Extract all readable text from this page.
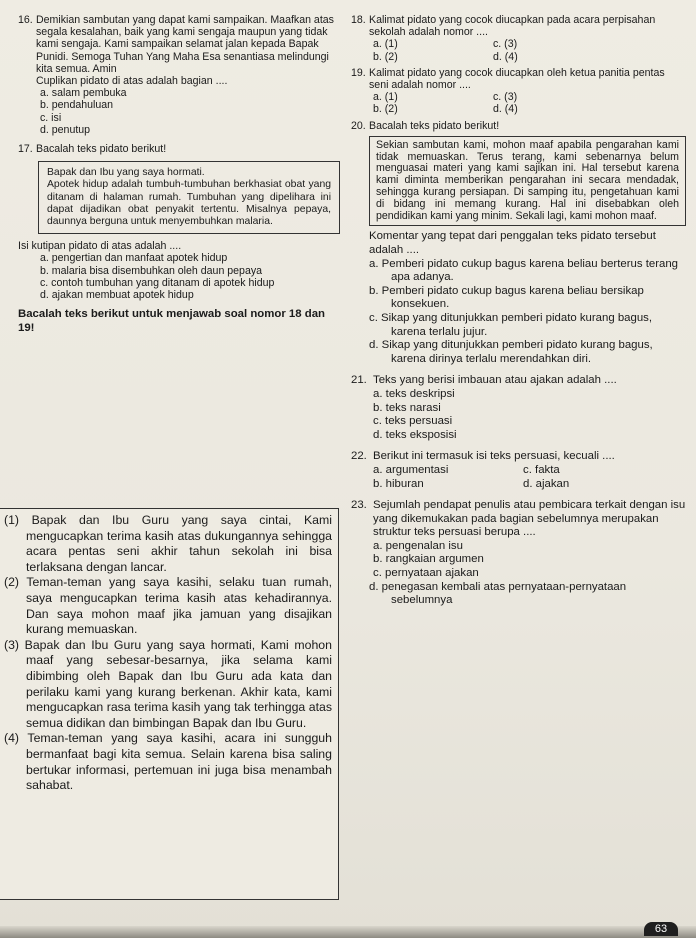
16. Demikian sambutan yang dapat kami sampaikan. Maafkan atas segala kesalahan, baik yang kami sengaja maupun yang tidak kami sengaja. Kami sampaikan selamat jalan kepada Bapak Punidi. Semoga Tuhan Yang Maha Esa senantiasa melindungi kita semua. Amin

Cuplikan pidato di atas adalah bagian ....

a. salam pembuka

b. pendahuluan

c. isi

d. penutup

17. Bacalah teks pidato berikut!

Bapak dan Ibu yang saya hormati.

Apotek hidup adalah tumbuh-tumbuhan berkhasiat obat yang ditanam di halaman rumah. Tumbuhan yang dipelihara ini dapat dijadikan obat penyakit tertentu. Misalnya pepaya, daunnya berguna untuk menyembuhkan malaria.

Isi kutipan pidato di atas adalah ....

a. pengertian dan manfaat apotek hidup

b. malaria bisa disembuhkan oleh daun pepaya

c. contoh tumbuhan yang ditanam di apotek hidup

d. ajakan membuat apotek hidup

Bacalah teks berikut untuk menjawab soal nomor 18 dan 19!

(1) Bapak dan Ibu Guru yang saya cintai, Kami mengucapkan terima kasih atas dukungannya sehingga acara pentas seni akhir tahun sekolah ini bisa terlaksana dengan lancar.

(2) Teman-teman yang saya kasihi, selaku tuan rumah, saya mengucapkan terima kasih atas kehadirannya. Dan saya mohon maaf jika jamuan yang disajikan kurang memuaskan.

(3) Bapak dan Ibu Guru yang saya hormati, Kami mohon maaf yang sebesar-besarnya, jika selama kami dibimbing oleh Bapak dan Ibu Guru ada kata dan perilaku kami yang kurang berkenan. Akhir kata, kami mengucapkan rasa terima kasih yang tak terhingga atas semua didikan dan bimbingan Bapak dan Ibu Guru.

(4) Teman-teman yang saya kasihi, acara ini sungguh bermanfaat bagi kita semua. Selain karena bisa saling bertukar informasi, pertemuan ini juga bisa menambah sahabat.

18. Kalimat pidato yang cocok diucapkan pada acara perpisahan sekolah adalah nomor ....

a. (1)	c. (3)
b. (2)	d. (4)
19. Kalimat pidato yang cocok diucapkan oleh ketua panitia pentas seni adalah nomor ....

a. (1)	c. (3)
b. (2)	d. (4)
20. Bacalah teks pidato berikut!

Sekian sambutan kami, mohon maaf apabila pengarahan kami tidak memuaskan. Terus terang, kami sebenarnya belum menguasai materi yang kami sajikan ini. Hal tersebut karena kami diminta memberikan pengarahan ini secara mendadak, sehingga kurang persiapan. Di samping itu, pengetahuan kami di bidang ini memang kurang. Hal ini disebabkan oleh pendidikan kami yang minim. Sekali lagi, kami mohon maaf.

Komentar yang tepat dari penggalan teks pidato tersebut adalah ....

a. Pemberi pidato cukup bagus karena beliau berterus terang apa adanya.

b. Pemberi pidato cukup bagus karena beliau bersikap konsekuen.

c. Sikap yang ditunjukkan pemberi pidato kurang bagus, karena terlalu jujur.

d. Sikap yang ditunjukkan pemberi pidato kurang bagus, karena dirinya terlalu merendahkan diri.

21. Teks yang berisi imbauan atau ajakan adalah ....

a. teks deskripsi

b. teks narasi

c. teks persuasi

d. teks eksposisi

22. Berikut ini termasuk isi teks persuasi, kecuali ....

a. argumentasi	c. fakta
b. hiburan	d. ajakan
23. Sejumlah pendapat penulis atau pembicara terkait dengan isu yang dikemukakan pada bagian sebelumnya merupakan struktur teks persuasi berupa ....

a. pengenalan isu

b. rangkaian argumen

c. pernyataan ajakan

d. penegasan kembali atas pernyataan-pernyataan sebelumnya

63
